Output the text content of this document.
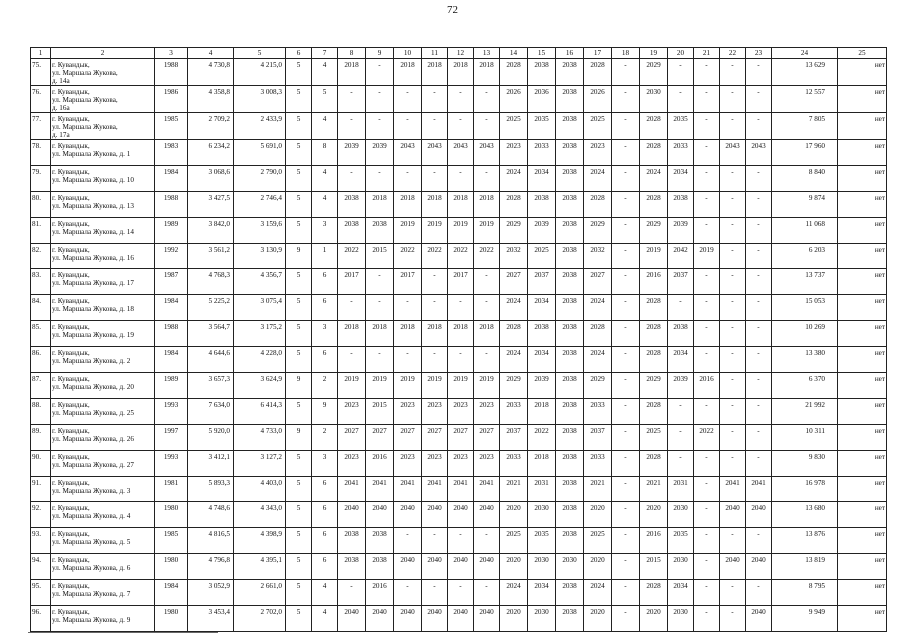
72
1	2	3	4	5	6	7	8	9	10	11	12	13	14	15	16	17	18	19	20	21	22	23	24	25
75.	г. Кувандык,
ул. Маршала Жукова,
д. 14а	1988	4 730,8	4 215,0	5	4	2018	-	2018	2018	2018	2018	2028	2038	2038	2028	-	2029	-	-	-	-	13 629	нет
76.	г. Кувандык,
ул. Маршала Жукова,
д. 16а	1986	4 358,8	3 008,3	5	5	-	-	-	-	-	-	2026	2036	2038	2026	-	2030	-	-	-	-	12 557	нет
77.	г. Кувандык,
ул. Маршала Жукова,
д. 17а	1985	2 709,2	2 433,9	5	4	-	-	-	-	-	-	2025	2035	2038	2025	-	2028	2035	-	-	-	7 805	нет
78.	г. Кувандык,
ул. Маршала Жукова, д. 1	1983	6 234,2	5 691,0	5	8	2039	2039	2043	2043	2043	2043	2023	2033	2038	2023	-	2028	2033	-	2043	2043	17 960	нет
79.	г. Кувандык,
ул. Маршала Жукова, д. 10	1984	3 068,6	2 790,0	5	4	-	-	-	-	-	-	2024	2034	2038	2024	-	2024	2034	-	-	-	8 840	нет
80.	г. Кувандык,
ул. Маршала Жукова, д. 13	1988	3 427,5	2 746,4	5	4	2038	2018	2018	2018	2018	2018	2028	2038	2038	2028	-	2028	2038	-	-	-	9 874	нет
81.	г. Кувандык,
ул. Маршала Жукова, д. 14	1989	3 842,0	3 159,6	5	3	2038	2038	2019	2019	2019	2019	2029	2039	2038	2029	-	2029	2039	-	-	-	11 068	нет
82.	г. Кувандык,
ул. Маршала Жукова, д. 16	1992	3 561,2	3 130,9	9	1	2022	2015	2022	2022	2022	2022	2032	2025	2038	2032	-	2019	2042	2019	-	-	6 203	нет
83.	г. Кувандык,
ул. Маршала Жукова, д. 17	1987	4 768,3	4 356,7	5	6	2017	-	2017	-	2017	-	2027	2037	2038	2027	-	2016	2037	-	-	-	13 737	нет
84.	г. Кувандык,
ул. Маршала Жукова, д. 18	1984	5 225,2	3 075,4	5	6	-	-	-	-	-	-	2024	2034	2038	2024	-	2028	-	-	-	-	15 053	нет
85.	г. Кувандык,
ул. Маршала Жукова, д. 19	1988	3 564,7	3 175,2	5	3	2018	2018	2018	2018	2018	2018	2028	2038	2038	2028	-	2028	2038	-	-	-	10 269	нет
86.	г. Кувандык,
ул. Маршала Жукова, д. 2	1984	4 644,6	4 228,0	5	6	-	-	-	-	-	-	2024	2034	2038	2024	-	2028	2034	-	-	-	13 380	нет
87.	г. Кувандык,
ул. Маршала Жукова, д. 20	1989	3 657,3	3 624,9	9	2	2019	2019	2019	2019	2019	2019	2029	2039	2038	2029	-	2029	2039	2016	-	-	6 370	нет
88.	г. Кувандык,
ул. Маршала Жукова, д. 25	1993	7 634,0	6 414,3	5	9	2023	2015	2023	2023	2023	2023	2033	2018	2038	2033	-	2028	-	-	-	-	21 992	нет
89.	г. Кувандык,
ул. Маршала Жукова, д. 26	1997	5 920,0	4 733,0	9	2	2027	2027	2027	2027	2027	2027	2037	2022	2038	2037	-	2025	-	2022	-	-	10 311	нет
90.	г. Кувандык,
ул. Маршала Жукова, д. 27	1993	3 412,1	3 127,2	5	3	2023	2016	2023	2023	2023	2023	2033	2018	2038	2033	-	2028	-	-	-	-	9 830	нет
91.	г. Кувандык,
ул. Маршала Жукова, д. 3	1981	5 893,3	4 403,0	5	6	2041	2041	2041	2041	2041	2041	2021	2031	2038	2021	-	2021	2031	-	2041	2041	16 978	нет
92.	г. Кувандык,
ул. Маршала Жукова, д. 4	1980	4 748,6	4 343,0	5	6	2040	2040	2040	2040	2040	2040	2020	2030	2038	2020	-	2020	2030	-	2040	2040	13 680	нет
93.	г. Кувандык,
ул. Маршала Жукова, д. 5	1985	4 816,5	4 398,9	5	6	2038	2038	-	-	-	-	2025	2035	2038	2025	-	2016	2035	-	-	-	13 876	нет
94.	г. Кувандык,
ул. Маршала Жукова, д. 6	1980	4 796,8	4 395,1	5	6	2038	2038	2040	2040	2040	2040	2020	2030	2030	2020	-	2015	2030	-	2040	2040	13 819	нет
95.	г. Кувандык,
ул. Маршала Жукова, д. 7	1984	3 052,9	2 661,0	5	4	-	2016	-	-	-	-	2024	2034	2038	2024	-	2028	2034	-	-	-	8 795	нет
96.	г. Кувандык,
ул. Маршала Жукова, д. 9	1980	3 453,4	2 702,0	5	4	2040	2040	2040	2040	2040	2040	2020	2030	2038	2020	-	2020	2030	-	-	2040	9 949	нет
